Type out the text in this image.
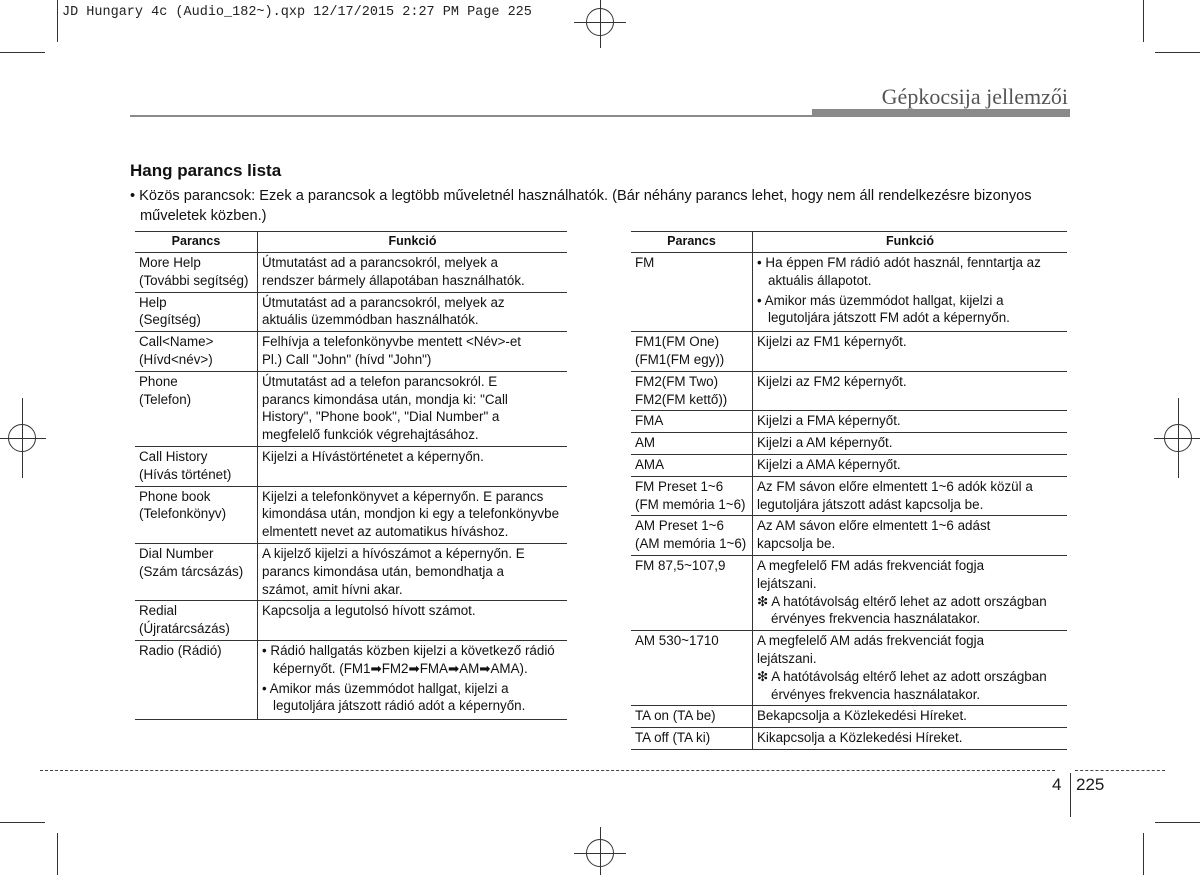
JD Hungary 4c (Audio_182~).qxp 12/17/2015 2:27 PM Page 225
Gépkocsija jellemzői
Hang parancs lista
• Közös parancsok: Ezek a parancsok a legtöbb műveletnél használhatók. (Bár néhány parancs lehet, hogy nem áll rendelkezésre bizonyos műveletek közben.)
Parancs	Funkció

More Help
(További segítség)	Útmutatást ad a parancsokról, melyek a
rendszer bármely állapotában használhatók.

Help
(Segítség)	Útmutatást ad a parancsokról, melyek az
aktuális üzemmódban használhatók.

Call<Name>
(Hívd<név>)	Felhívja a telefonkönyvbe mentett <Név>-et
Pl.) Call "John" (hívd "John")

Phone
(Telefon)	Útmutatást ad a telefon parancsokról. E
parancs kimondása után, mondja ki: "Call
History", "Phone book", "Dial Number" a
megfelelő funkciók végrehajtásához.

Call History
(Hívás történet)	Kijelzi a Hívástörténetet a képernyőn.

Phone book
(Telefonkönyv)	Kijelzi a telefonkönyvet a képernyőn. E parancs
kimondása után, mondjon ki egy a telefonkönyvbe
elmentett nevet az automatikus híváshoz.

Dial Number
(Szám tárcsázás)	A kijelző kijelzi a hívószámot a képernyőn. E
parancs kimondása után, bemondhatja a
számot, amit hívni akar.

Redial
(Újratárcsázás)	Kapcsolja a legutolsó hívott számot.

Radio (Rádió)	• Rádió hallgatás közben kijelzi a következő rádió képernyőt. (FM1➡FM2➡FMA➡AM➡AMA).
• Amikor más üzemmódot hallgat, kijelzi a legutoljára játszott rádió adót a képernyőn.
Parancs	Funkció

FM	• Ha éppen FM rádió adót használ, fenntartja az aktuális állapotot.
• Amikor más üzemmódot hallgat, kijelzi a legutoljára játszott FM adót a képernyőn.

FM1(FM One)
(FM1(FM egy))	Kijelzi az FM1 képernyőt.

FM2(FM Two)
FM2(FM kettő))	Kijelzi az FM2 képernyőt.

FMA	Kijelzi a FMA képernyőt.

AM	Kijelzi a AM képernyőt.

AMA	Kijelzi a AMA képernyőt.

FM Preset 1~6
(FM memória 1~6)	Az FM sávon előre elmentett 1~6 adók közül a
legutoljára játszott adást kapcsolja be.

AM Preset 1~6
(AM memória 1~6)	Az AM sávon előre elmentett 1~6 adást
kapcsolja be.

FM 87,5~107,9	A megfelelő FM adás frekvenciát fogja
lejátszani.
❇ A hatótávolság eltérő lehet az adott országban érvényes frekvencia használatakor.

AM 530~1710	A megfelelő AM adás frekvenciát fogja
lejátszani.
❇ A hatótávolság eltérő lehet az adott országban érvényes frekvencia használatakor.

TA on (TA be)	Bekapcsolja a Közlekedési Híreket.

TA off (TA ki)	Kikapcsolja a Közlekedési Híreket.
4 225
